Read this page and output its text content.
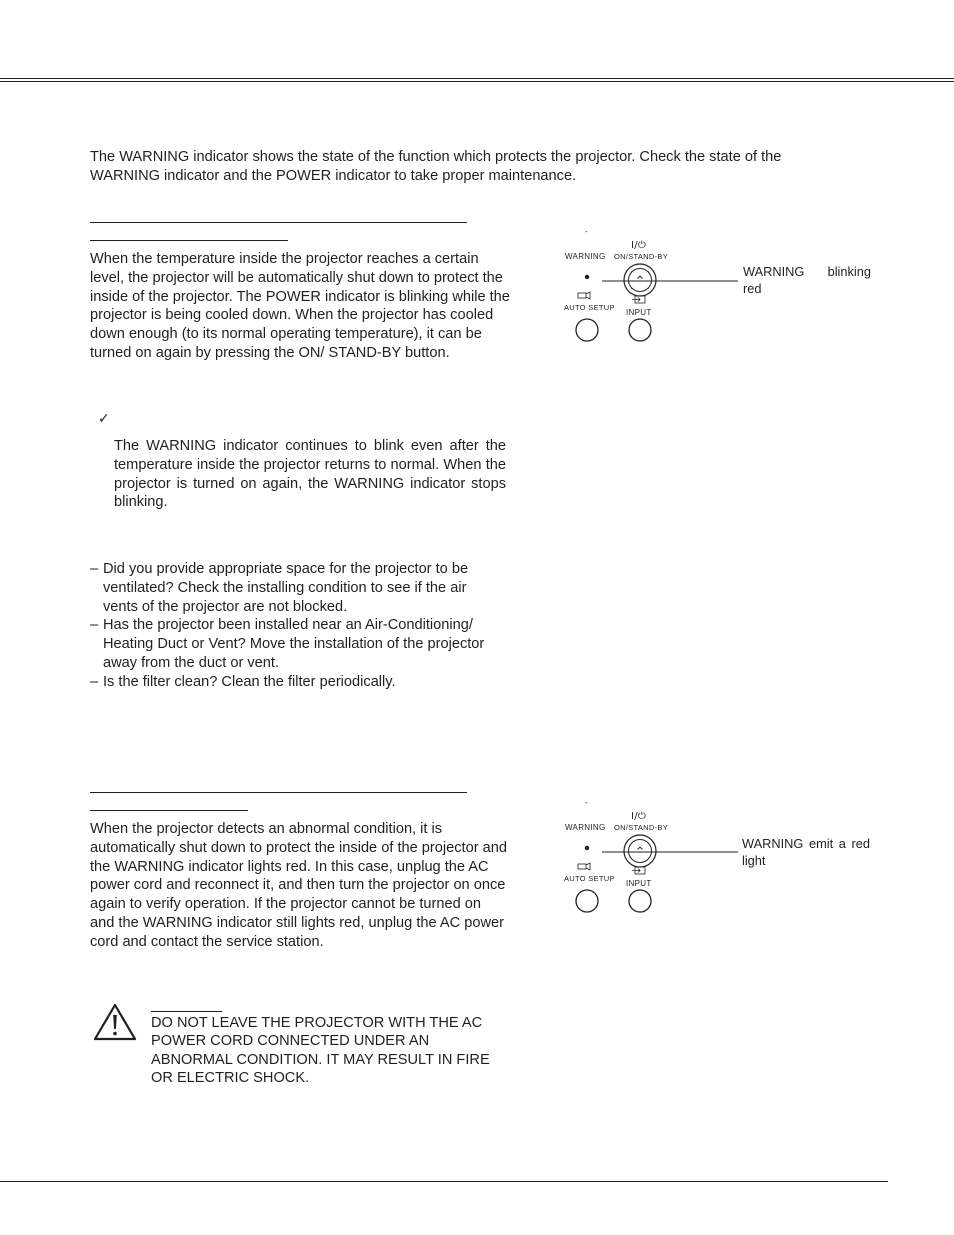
The WARNING indicator shows the state of the function which protects the projector. Check the state of the WARNING indicator and the POWER indicator to take proper maintenance.
When the temperature inside the projector reaches a certain level, the projector will be automatically shut down to protect the inside of the projector. The POWER indicator is blinking while the projector is being cooled down. When the projector has cooled down enough (to its normal operating temperature), it can be turned on again by pressing the ON/ STAND-BY button.
✓
The WARNING indicator continues to blink even after the temperature inside the projector returns to normal. When the projector is turned on again, the WARNING indicator stops blinking.
– Did you provide appropriate space for the projector to be ventilated? Check the installing condition to see if the air vents of the projector are not blocked.
– Has the projector been installed near an Air-Conditioning/ Heating Duct or Vent? Move the installation of the projector away from the duct or vent.
– Is the filter clean? Clean the filter periodically.
-
WARNING
I/⏻
ON/STAND-BY
AUTO SETUP
INPUT
WARNING blinking red
When the projector detects an abnormal condition, it is automatically shut down to protect the inside of the projector and the WARNING indicator lights red. In this case, unplug the AC power cord and reconnect it, and then turn the projector on once again to verify operation. If the projector cannot be turned on and the WARNING indicator still lights red, unplug the AC power cord and contact the service station.
-
WARNING
I/⏻
ON/STAND-BY
AUTO SETUP
INPUT
WARNING emit a red light
DO NOT LEAVE THE PROJECTOR WITH THE AC POWER CORD CONNECTED UNDER AN ABNORMAL CONDITION. IT MAY RESULT IN FIRE OR ELECTRIC SHOCK.
